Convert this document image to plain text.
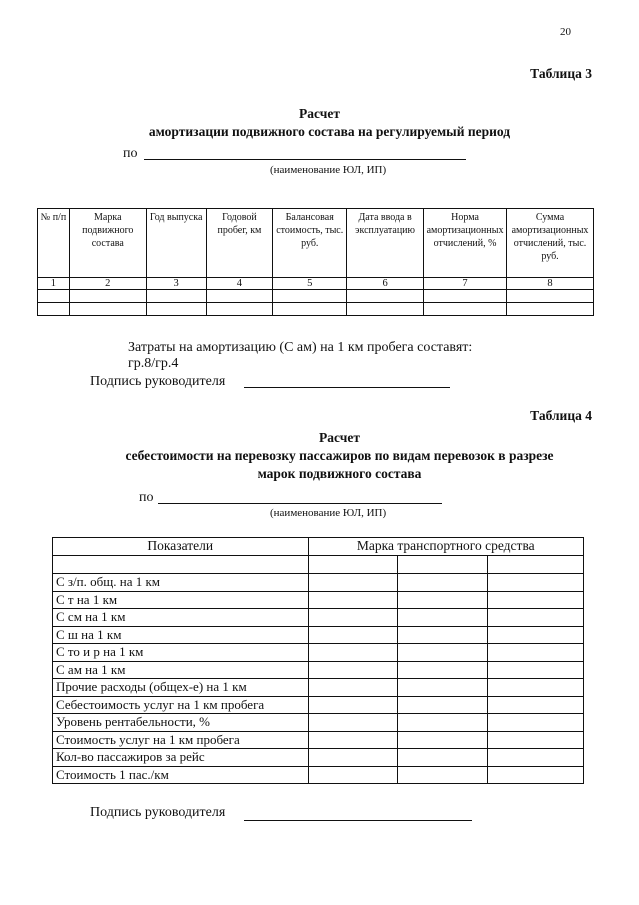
20
Таблица 3
Расчет
амортизации подвижного состава на регулируемый период
по
(наименование ЮЛ, ИП)
№ п/п	Марка подвижного состава	Год выпуска	Годовой пробег, км	Балансовая стоимость, тыс. руб.	Дата ввода в эксплуатацию	Норма амортизационных отчислений, %	Сумма амортизационных отчислений, тыс. руб.
1	2	3	4	5	6	7	8

Затраты на амортизацию (С ам) на 1 км пробега составят:
гр.8/гр.4
Подпись руководителя
Таблица 4
Расчет
себестоимости на перевозку пассажиров по видам перевозок в разрезе
марок подвижного состава
по
(наименование ЮЛ, ИП)
Показатели	Марка транспортного средства		

С з/п. общ. на 1 км			
С т на 1 км			
С см на 1 км			
С ш на 1 км			
С то и р на 1 км			
С ам на 1 км			
Прочие расходы (общех-е) на 1 км			
Себестоимость услуг на 1 км пробега			
Уровень рентабельности, %			
Стоимость услуг на 1 км пробега			
Кол-во пассажиров за рейс			
Стоимость 1 пас./км			
Подпись руководителя
